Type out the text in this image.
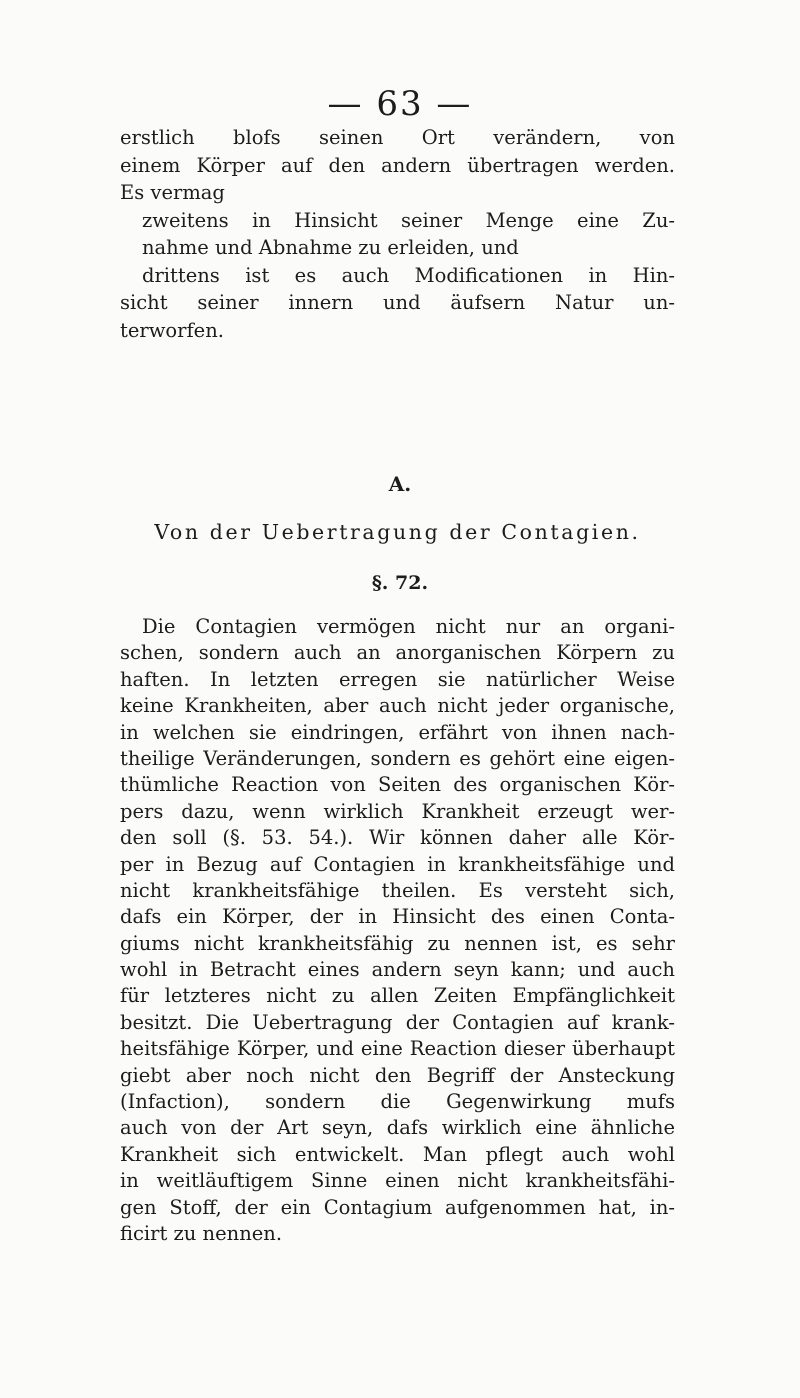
— 63 —
erstlich blofs seinen Ort verändern, von
einem Körper auf den andern übertragen werden.
Es vermag
zweitens in Hinsicht seiner Menge eine Zu-
nahme und Abnahme zu erleiden, und
drittens ist es auch Modificationen in Hin-
sicht seiner innern und äufsern Natur un-
terworfen.
A.
Von der Uebertragung der Contagien.
§. 72.
Die Contagien vermögen nicht nur an organi-
schen, sondern auch an anorganischen Körpern zu
haften. In letzten erregen sie natürlicher Weise
keine Krankheiten, aber auch nicht jeder organische,
in welchen sie eindringen, erfährt von ihnen nach-
theilige Veränderungen, sondern es gehört eine eigen-
thümliche Reaction von Seiten des organischen Kör-
pers dazu, wenn wirklich Krankheit erzeugt wer-
den soll (§. 53. 54.). Wir können daher alle Kör-
per in Bezug auf Contagien in krankheitsfähige und
nicht krankheitsfähige theilen. Es versteht sich,
dafs ein Körper, der in Hinsicht des einen Conta-
giums nicht krankheitsfähig zu nennen ist, es sehr
wohl in Betracht eines andern seyn kann; und auch
für letzteres nicht zu allen Zeiten Empfänglichkeit
besitzt. Die Uebertragung der Contagien auf krank-
heitsfähige Körper, und eine Reaction dieser überhaupt
giebt aber noch nicht den Begriff der Ansteckung
(Infaction), sondern die Gegenwirkung mufs
auch von der Art seyn, dafs wirklich eine ähnliche
Krankheit sich entwickelt. Man pflegt auch wohl
in weitläuftigem Sinne einen nicht krankheitsfähi-
gen Stoff, der ein Contagium aufgenommen hat, in-
ficirt zu nennen.
